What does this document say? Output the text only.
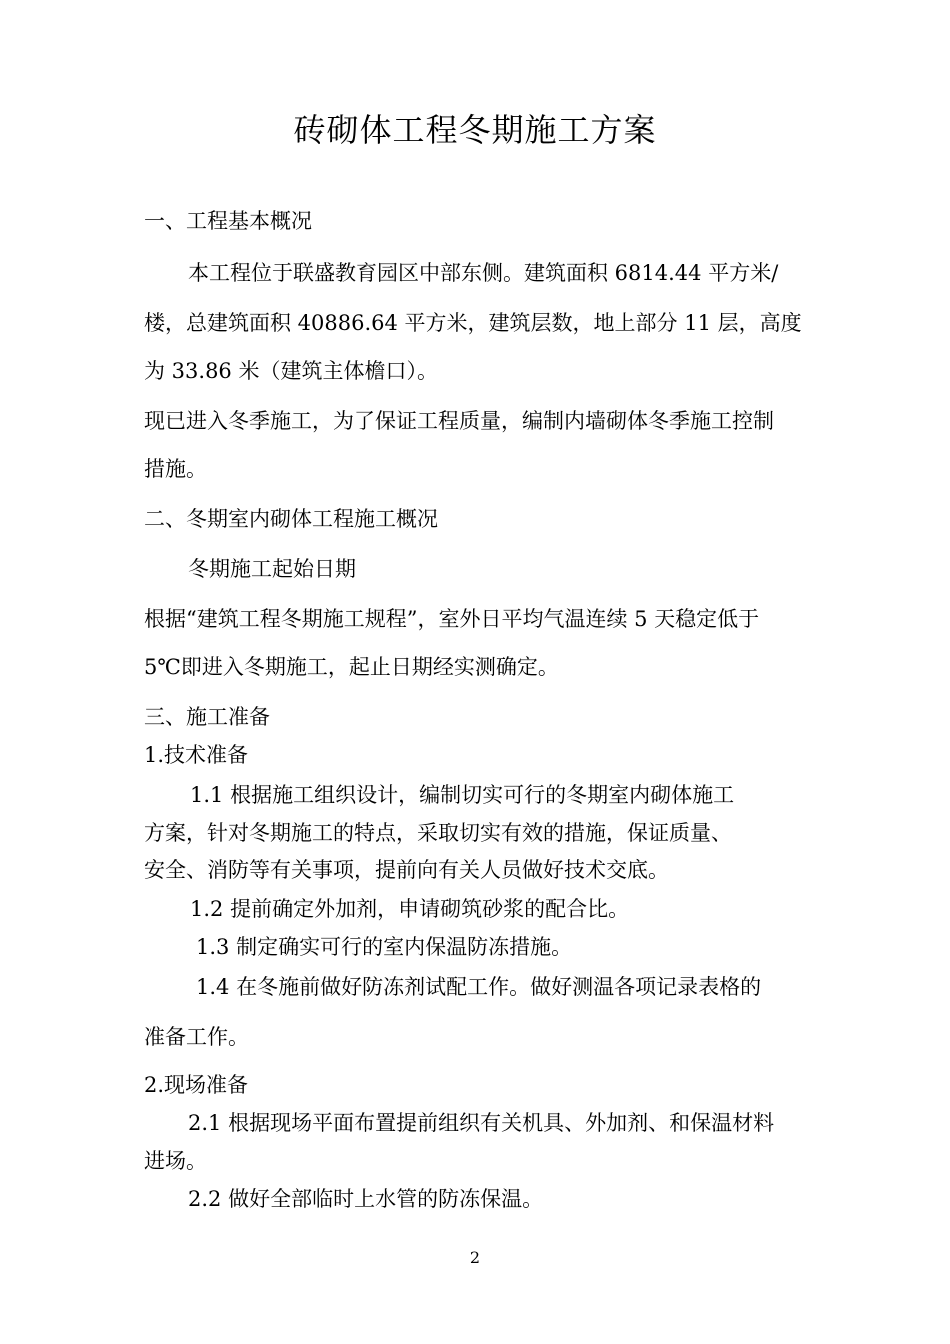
砖砌体工程冬期施工方案
一、工程基本概况
本工程位于联盛教育园区中部东侧。建筑面积 6814.44 平方米/
楼，总建筑面积 40886.64 平方米，建筑层数，地上部分 11 层，高度
为 33.86 米（建筑主体檐口）。
现已进入冬季施工，为了保证工程质量，编制内墙砌体冬季施工控制
措施。
二、冬期室内砌体工程施工概况
冬期施工起始日期
根据“建筑工程冬期施工规程”，室外日平均气温连续 5 天稳定低于
5℃即进入冬期施工，起止日期经实测确定。
三、施工准备
1.技术准备
1.1 根据施工组织设计，编制切实可行的冬期室内砌体施工
方案，针对冬期施工的特点，采取切实有效的措施，保证质量、
安全、消防等有关事项，提前向有关人员做好技术交底。
1.2 提前确定外加剂，申请砌筑砂浆的配合比。
1.3 制定确实可行的室内保温防冻措施。
1.4 在冬施前做好防冻剂试配工作。做好测温各项记录表格的
准备工作。
2.现场准备
2.1 根据现场平面布置提前组织有关机具、外加剂、和保温材料
进场。
2.2 做好全部临时上水管的防冻保温。
2
